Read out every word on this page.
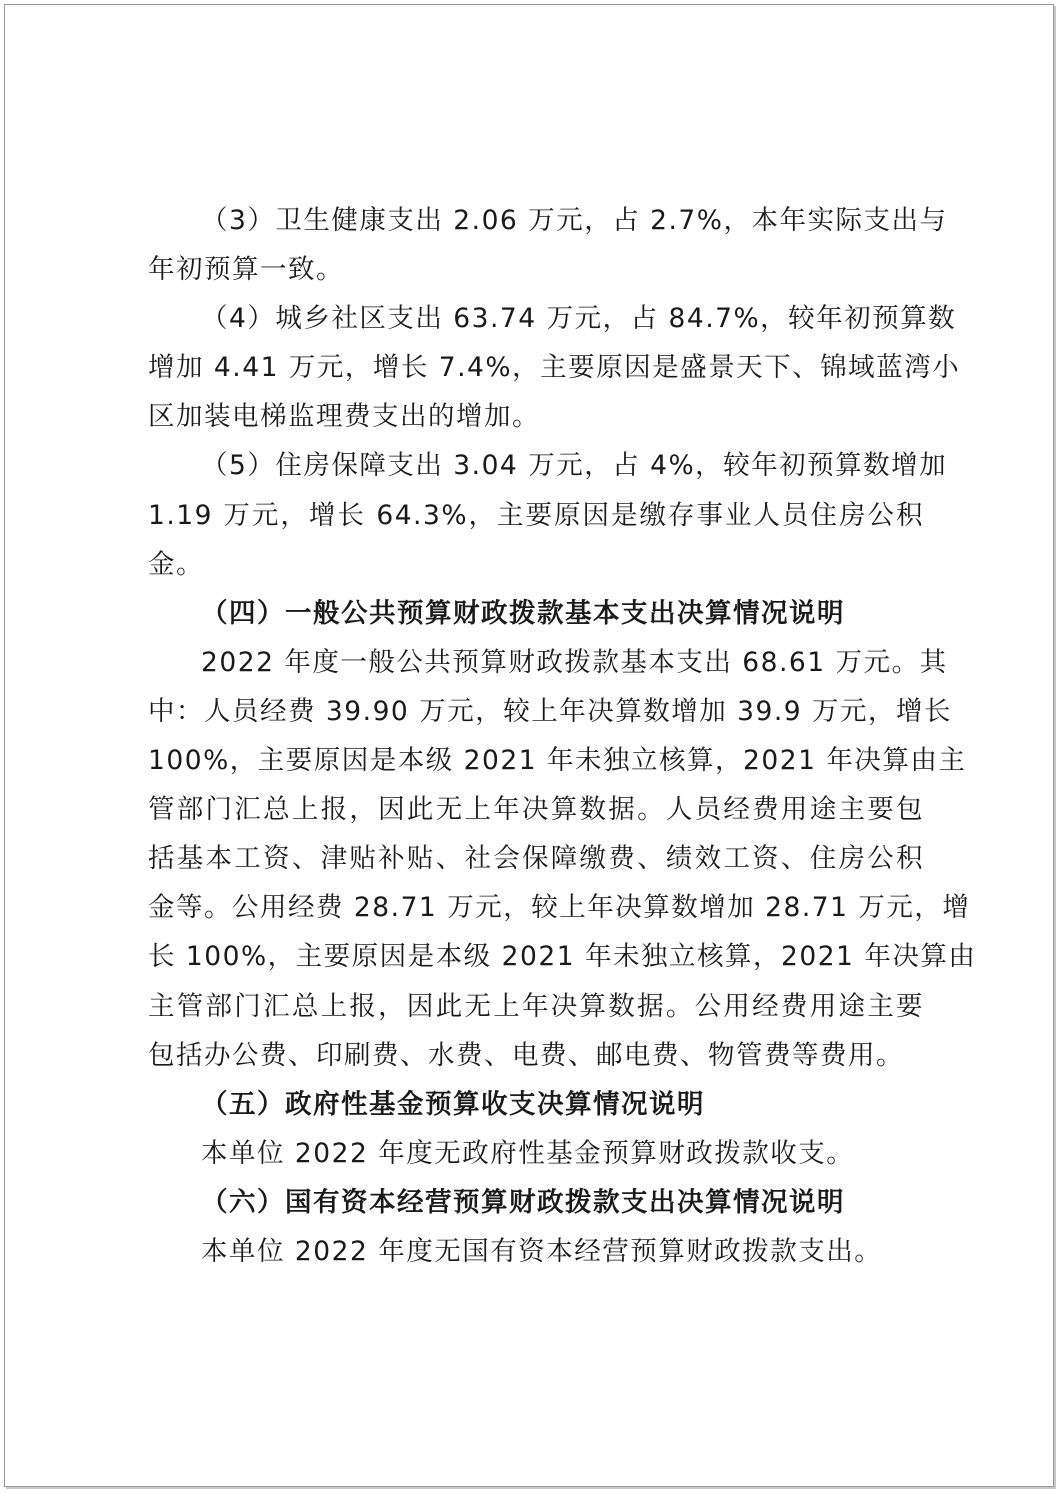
（3）卫生健康支出 2.06 万元，占 2.7%，本年实际支出与
年初预算一致。
（4）城乡社区支出 63.74 万元，占 84.7%，较年初预算数
增加 4.41 万元，增长 7.4%，主要原因是盛景天下、锦域蓝湾小
区加装电梯监理费支出的增加。
（5）住房保障支出 3.04 万元，占 4%，较年初预算数增加
1.19 万元，增长 64.3%，主要原因是缴存事业人员住房公积
金。
（四）一般公共预算财政拨款基本支出决算情况说明
2022 年度一般公共预算财政拨款基本支出 68.61 万元。其
中：人员经费 39.90 万元，较上年决算数增加 39.9 万元，增长
100%，主要原因是本级 2021 年未独立核算，2021 年决算由主
管部门汇总上报，因此无上年决算数据。人员经费用途主要包
括基本工资、津贴补贴、社会保障缴费、绩效工资、住房公积
金等。公用经费 28.71 万元，较上年决算数增加 28.71 万元，增
长 100%，主要原因是本级 2021 年未独立核算，2021 年决算由
主管部门汇总上报，因此无上年决算数据。公用经费用途主要
包括办公费、印刷费、水费、电费、邮电费、物管费等费用。
（五）政府性基金预算收支决算情况说明
本单位 2022 年度无政府性基金预算财政拨款收支。
（六）国有资本经营预算财政拨款支出决算情况说明
本单位 2022 年度无国有资本经营预算财政拨款支出。
